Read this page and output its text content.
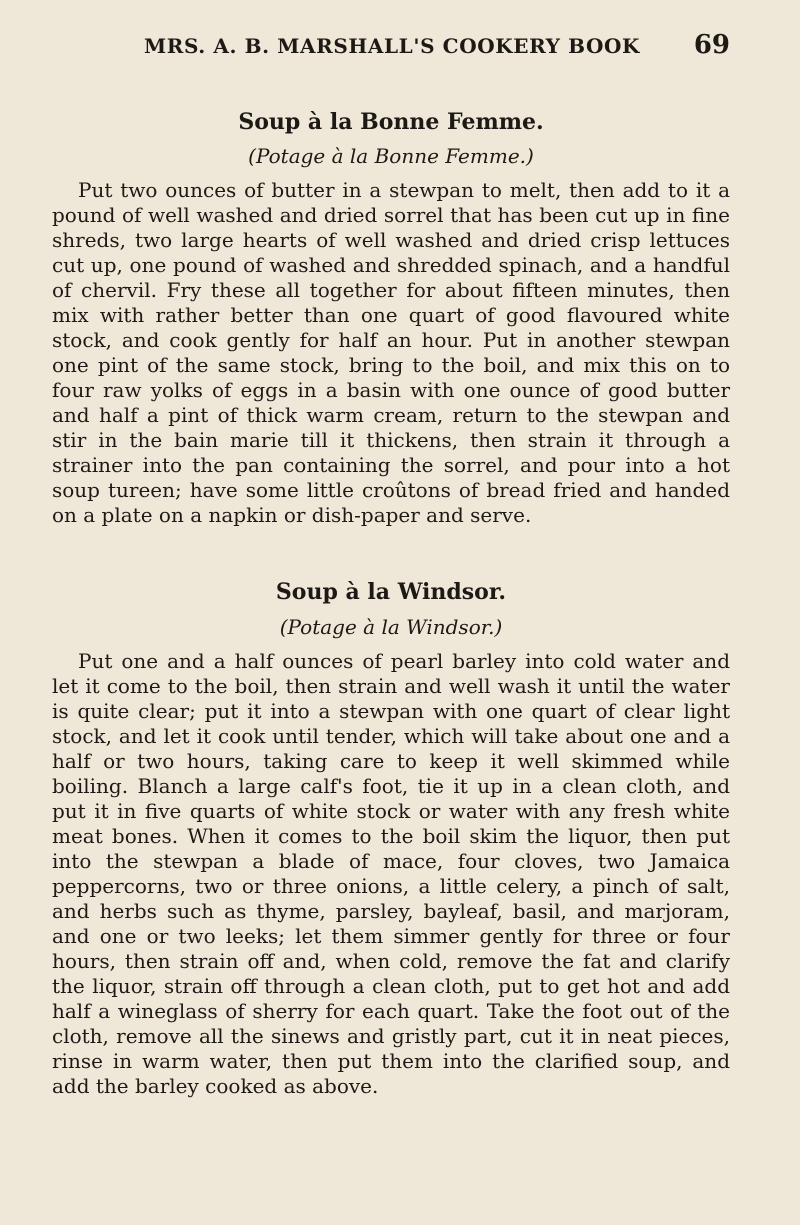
MRS. A. B. MARSHALL'S COOKERY BOOK 69
Soup à la Bonne Femme.
(Potage à la Bonne Femme.)

Put two ounces of butter in a stewpan to melt, then add to it a pound of well washed and dried sorrel that has been cut up in fine shreds, two large hearts of well washed and dried crisp lettuces cut up, one pound of washed and shredded spinach, and a handful of chervil. Fry these all together for about fifteen minutes, then mix with rather better than one quart of good flavoured white stock, and cook gently for half an hour. Put in another stewpan one pint of the same stock, bring to the boil, and mix this on to four raw yolks of eggs in a basin with one ounce of good butter and half a pint of thick warm cream, return to the stewpan and stir in the bain marie till it thickens, then strain it through a strainer into the pan containing the sorrel, and pour into a hot soup tureen; have some little croûtons of bread fried and handed on a plate on a napkin or dish-paper and serve.

Soup à la Windsor.
(Potage à la Windsor.)

Put one and a half ounces of pearl barley into cold water and let it come to the boil, then strain and well wash it until the water is quite clear; put it into a stewpan with one quart of clear light stock, and let it cook until tender, which will take about one and a half or two hours, taking care to keep it well skimmed while boiling. Blanch a large calf's foot, tie it up in a clean cloth, and put it in five quarts of white stock or water with any fresh white meat bones. When it comes to the boil skim the liquor, then put into the stewpan a blade of mace, four cloves, two Jamaica peppercorns, two or three onions, a little celery, a pinch of salt, and herbs such as thyme, parsley, bayleaf, basil, and marjoram, and one or two leeks; let them simmer gently for three or four hours, then strain off and, when cold, remove the fat and clarify the liquor, strain off through a clean cloth, put to get hot and add half a wineglass of sherry for each quart. Take the foot out of the cloth, remove all the sinews and gristly part, cut it in neat pieces, rinse in warm water, then put them into the clarified soup, and add the barley cooked as above.
